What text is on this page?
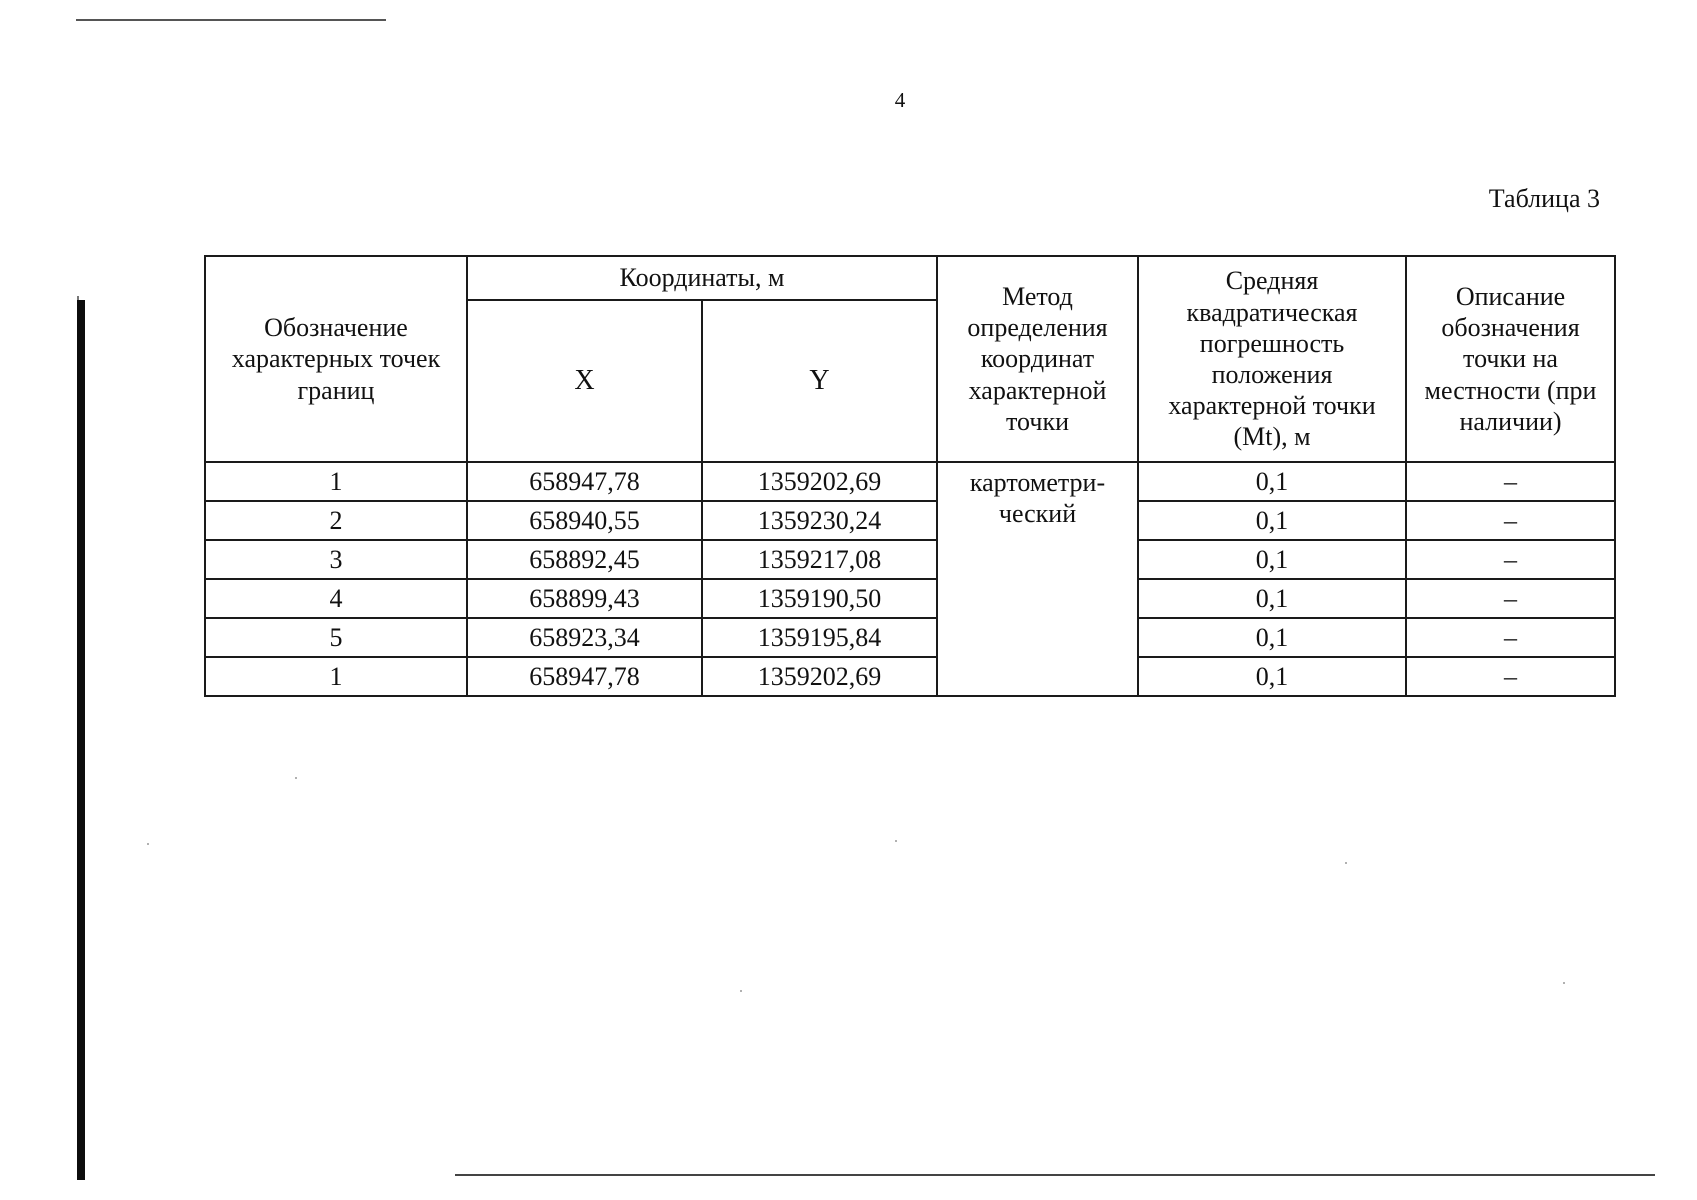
4
Таблица 3
Обозначение характерных точек границ	Координаты, м		Метод определения координат характерной точки	Средняя квадратическая погрешность положения характерной точки (Mt), м	Описание обозначения точки на местности (при наличии)
	X	Y			
1	658947,78	1359202,69	картометри- ческий	0,1	–
2	658940,55	1359230,24		0,1	–
3	658892,45	1359217,08		0,1	–
4	658899,43	1359190,50		0,1	–
5	658923,34	1359195,84		0,1	–
1	658947,78	1359202,69		0,1	–
